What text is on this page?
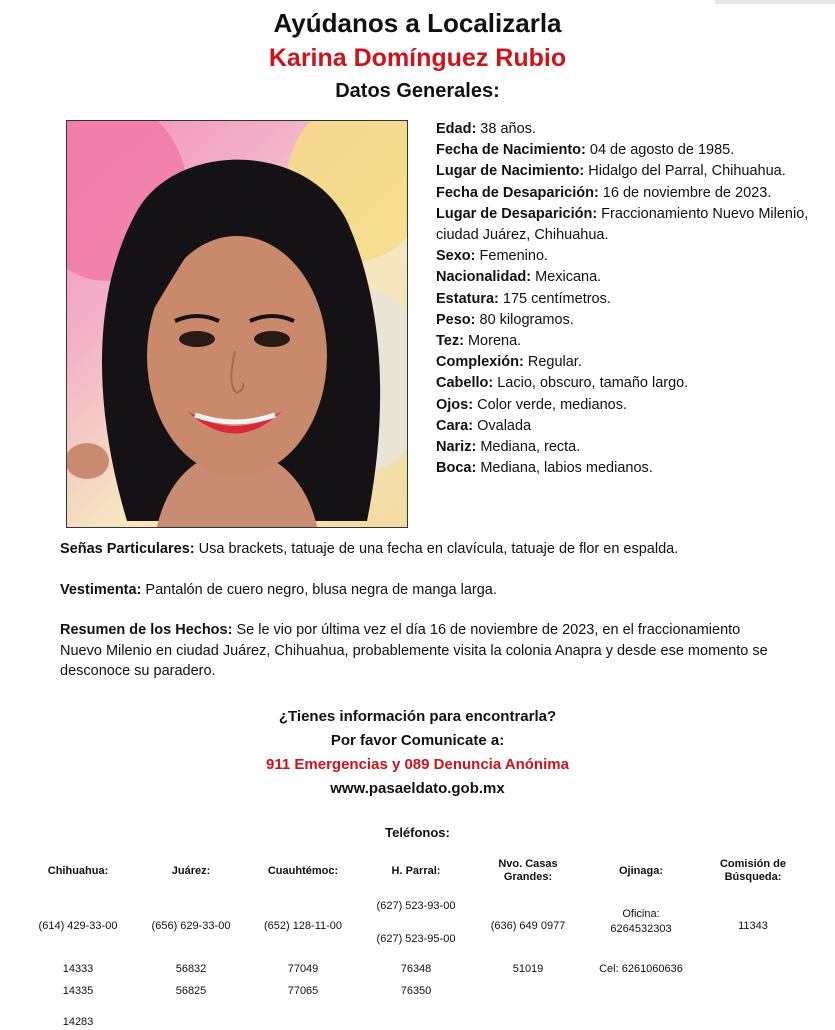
Ayúdanos a Localizarla
Karina Domínguez Rubio
Datos Generales:
Edad: 38 años.
Fecha de Nacimiento: 04 de agosto de 1985.
Lugar de Nacimiento: Hidalgo del Parral, Chihuahua.
Fecha de Desaparición: 16 de noviembre de 2023.
Lugar de Desaparición: Fraccionamiento Nuevo Milenio, ciudad Juárez, Chihuahua.
Sexo: Femenino.
Nacionalidad: Mexicana.
Estatura: 175 centímetros.
Peso: 80 kilogramos.
Tez: Morena.
Complexión: Regular.
Cabello: Lacio, obscuro, tamaño largo.
Ojos: Color verde, medianos.
Cara: Ovalada
Nariz: Mediana, recta.
Boca: Mediana, labios medianos.
Señas Particulares: Usa brackets, tatuaje de una fecha en clavícula, tatuaje de flor en espalda.
Vestimenta: Pantalón de cuero negro, blusa negra de manga larga.
Resumen de los Hechos: Se le vio por última vez el día 16 de noviembre de 2023, en el fraccionamiento Nuevo Milenio en ciudad Juárez, Chihuahua, probablemente visita la colonia Anapra y desde ese momento se desconoce su paradero.
¿Tienes información para encontrarla?
Por favor Comunicate a:
911 Emergencias y 089 Denuncia Anónima
www.pasaeldato.gob.mx
Teléfonos:
Chihuahua:
(614) 429-33-00
14333
14335
14283
Juárez:
(656) 629-33-00
56832
56825
Cuauhtémoc:
(652) 128-11-00
77049
77065
H. Parral:
(627) 523-93-00
(627) 523-95-00
76348
76350
Nvo. Casas Grandes:
(636) 649 0977
51019
Ojinaga:
Oficina:
6264532303
Cel: 6261060636
Comisión de Búsqueda:
11343
